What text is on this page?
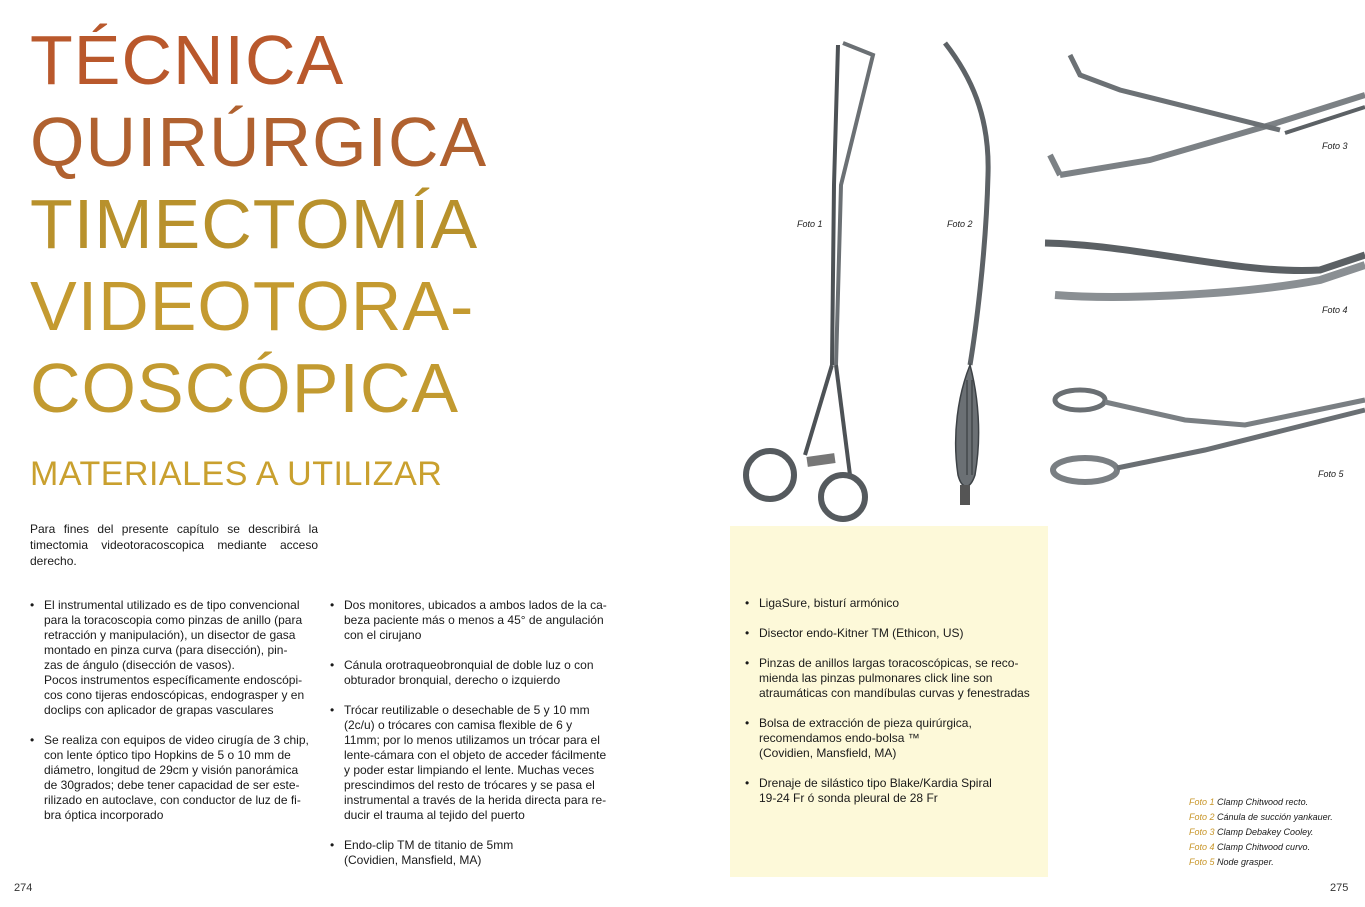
TÉCNICA
QUIRÚRGICA
TIMECTOMÍA
VIDEOTORA-
COSCÓPICA
MATERIALES A UTILIZAR
Para fines del presente capítulo se describirá la timectomia videotoracoscopica mediante acceso derecho.
• El instrumental utilizado es de tipo convencional
para la toracoscopia como pinzas de anillo (para
retracción y manipulación), un disector de gasa
montado en pinza curva (para disección), pin-
zas de ángulo (disección de vasos).
Pocos instrumentos específicamente endoscópi-
cos cono tijeras endoscópicas, endograsper y en
doclips con aplicador de grapas vasculares
• Se realiza con equipos de video cirugía de 3 chip,
con lente óptico tipo Hopkins de 5 o 10 mm de
diámetro, longitud de 29cm y visión panorámica
de 30grados; debe tener capacidad de ser este-
rilizado en autoclave, con conductor de luz de fi-
bra óptica incorporado
• Dos monitores, ubicados a ambos lados de la ca-
beza paciente más o menos a 45° de angulación
con el cirujano
• Cánula orotraqueobronquial de doble luz o con
obturador bronquial, derecho o izquierdo
• Trócar reutilizable o desechable de 5 y 10 mm
(2c/u) o trócares con camisa flexible de 6 y
11mm; por lo menos utilizamos un trócar para el
lente-cámara con el objeto de acceder fácilmente
y poder estar limpiando el lente. Muchas veces
prescindimos del resto de trócares y se pasa el
instrumental a través de la herida directa para re-
ducir el trauma al tejido del puerto
• Endo-clip TM de titanio de 5mm
(Covidien, Mansfield, MA)
• LigaSure, bisturí armónico
• Disector endo-Kitner TM (Ethicon, US)
• Pinzas de anillos largas toracoscópicas, se reco-
mienda las pinzas pulmonares click line son
atraumáticas con mandíbulas curvas y fenestradas
• Bolsa de extracción de pieza quirúrgica,
recomendamos endo-bolsa ™
(Covidien, Mansfield, MA)
• Drenaje de silástico tipo Blake/Kardia Spiral
19-24 Fr ó sonda pleural de 28 Fr
Foto 1	Foto 2
Foto 3
Foto 4
Foto 5
Foto 1 Clamp Chitwood recto.
Foto 2 Cánula de succión yankauer.
Foto 3 Clamp Debakey Cooley.
Foto 4 Clamp Chitwood curvo.
Foto 5 Node grasper.
274	275
